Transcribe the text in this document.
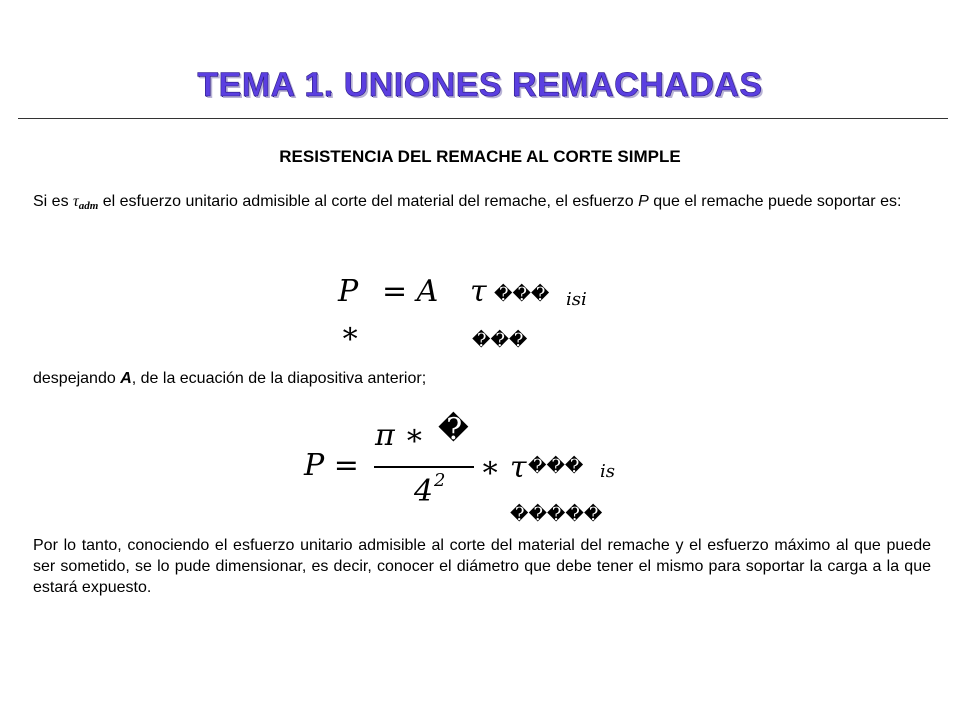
TEMA 1. UNIONES REMACHADAS
RESISTENCIA DEL REMACHE AL CORTE SIMPLE
Si es $\tau_{adm}$ el esfuerzo unitario admisible al corte del material del remache, el esfuerzo P que el remache puede soportar es:
𝑃 = 𝐴
∗
𝜏 ��� 𝑖𝑠𝑖
���
despejando A, de la ecuación de la diapositiva anterior;
𝑃 =
𝜋 ∗ �
4 2 ∗ 𝜏 ��� 𝑖𝑠
�����
Por lo tanto, conociendo el esfuerzo unitario admisible al corte del material del remache y el esfuerzo máximo al que puede ser sometido, se lo pude dimensionar, es decir, conocer el diámetro que debe tener el mismo para soportar la carga a la que estará expuesto.
